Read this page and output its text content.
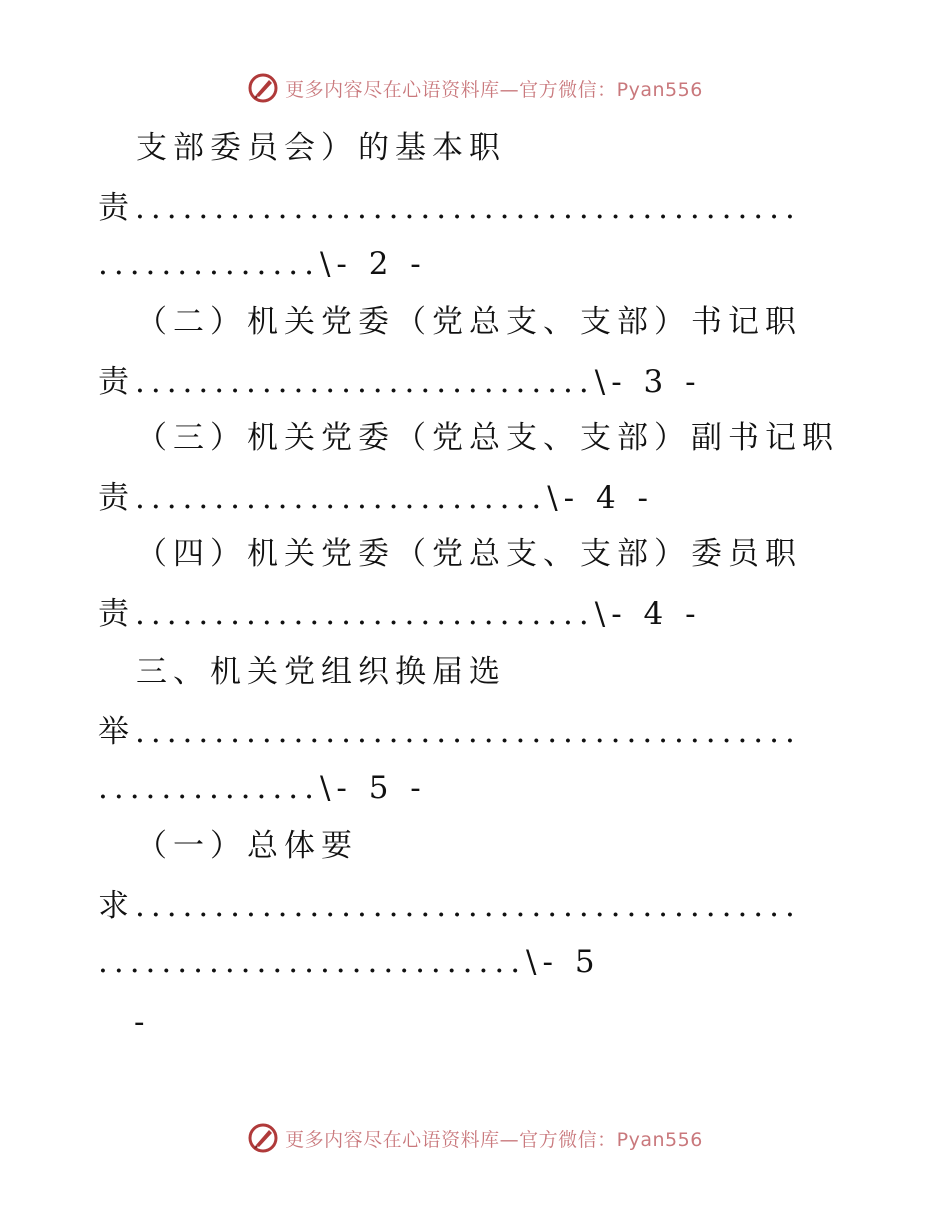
更多内容尽在心语资料库—官方微信：Pyan556
支部委员会）的基本职
责..........................................
..............\- 2 -
（二）机关党委（党总支、支部）书记职
责.............................\- 3 -
（三）机关党委（党总支、支部）副书记职
责..........................\- 4 -
（四）机关党委（党总支、支部）委员职
责.............................\- 4 -
三、机关党组织换届选
举..........................................
..............\- 5 -
（一）总体要
求..........................................
...........................\- 5
-
更多内容尽在心语资料库—官方微信：Pyan556
